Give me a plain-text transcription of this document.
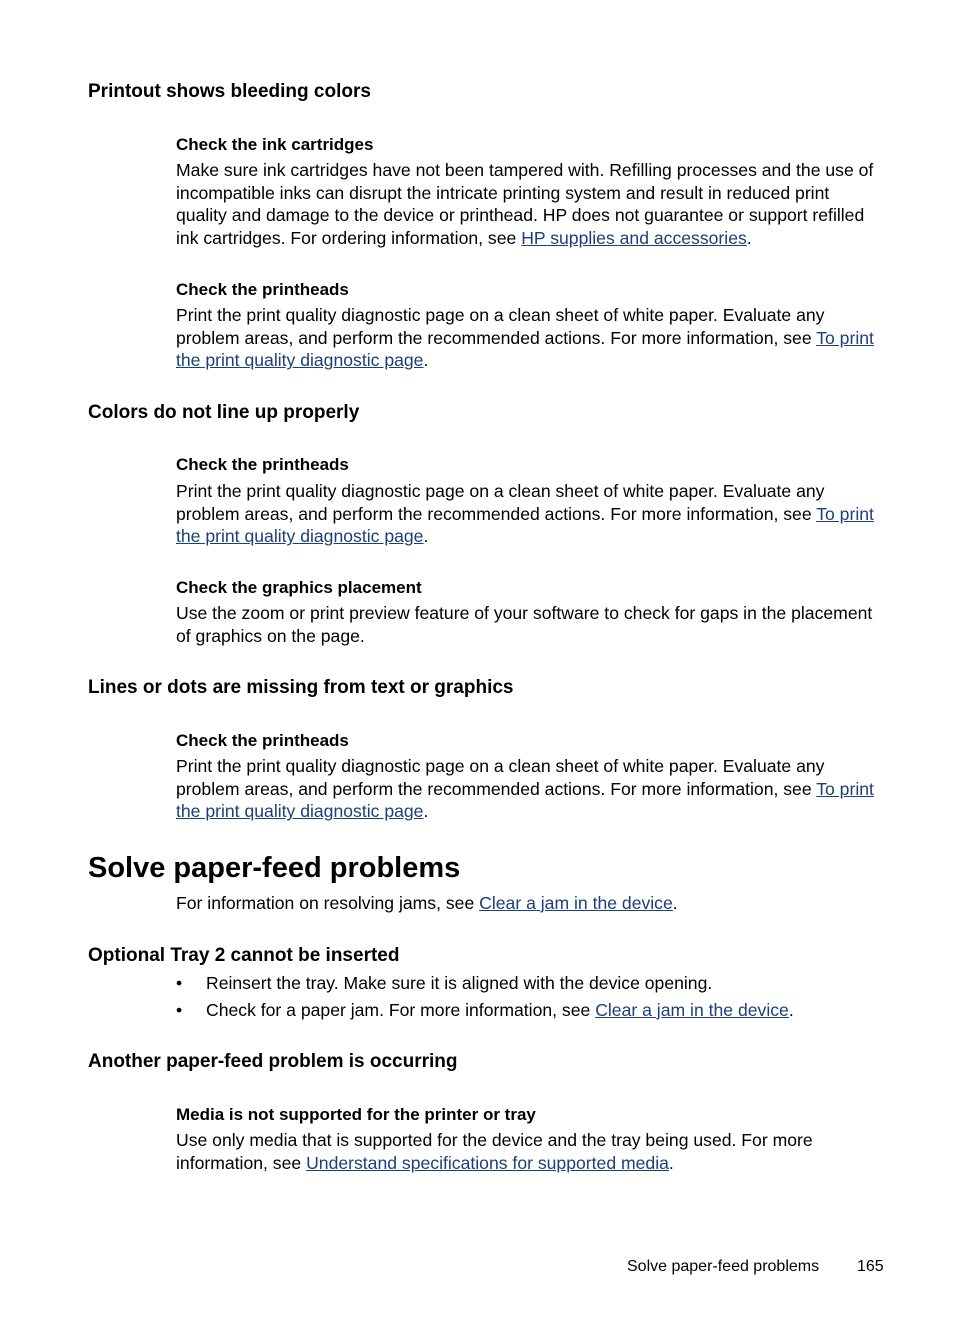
Printout shows bleeding colors
Check the ink cartridges

Make sure ink cartridges have not been tampered with. Refilling processes and the use of incompatible inks can disrupt the intricate printing system and result in reduced print quality and damage to the device or printhead. HP does not guarantee or support refilled ink cartridges. For ordering information, see HP supplies and accessories.

Check the printheads

Print the print quality diagnostic page on a clean sheet of white paper. Evaluate any problem areas, and perform the recommended actions. For more information, see To print the print quality diagnostic page.

Colors do not line up properly
Check the printheads

Print the print quality diagnostic page on a clean sheet of white paper. Evaluate any problem areas, and perform the recommended actions. For more information, see To print the print quality diagnostic page.

Check the graphics placement

Use the zoom or print preview feature of your software to check for gaps in the placement of graphics on the page.

Lines or dots are missing from text or graphics
Check the printheads

Print the print quality diagnostic page on a clean sheet of white paper. Evaluate any problem areas, and perform the recommended actions. For more information, see To print the print quality diagnostic page.

Solve paper-feed problems

For information on resolving jams, see Clear a jam in the device.

Optional Tray 2 cannot be inserted
• Reinsert the tray. Make sure it is aligned with the device opening.
• Check for a paper jam. For more information, see Clear a jam in the device.
Another paper-feed problem is occurring
Media is not supported for the printer or tray

Use only media that is supported for the device and the tray being used. For more information, see Understand specifications for supported media.

Solve paper-feed problems 165
